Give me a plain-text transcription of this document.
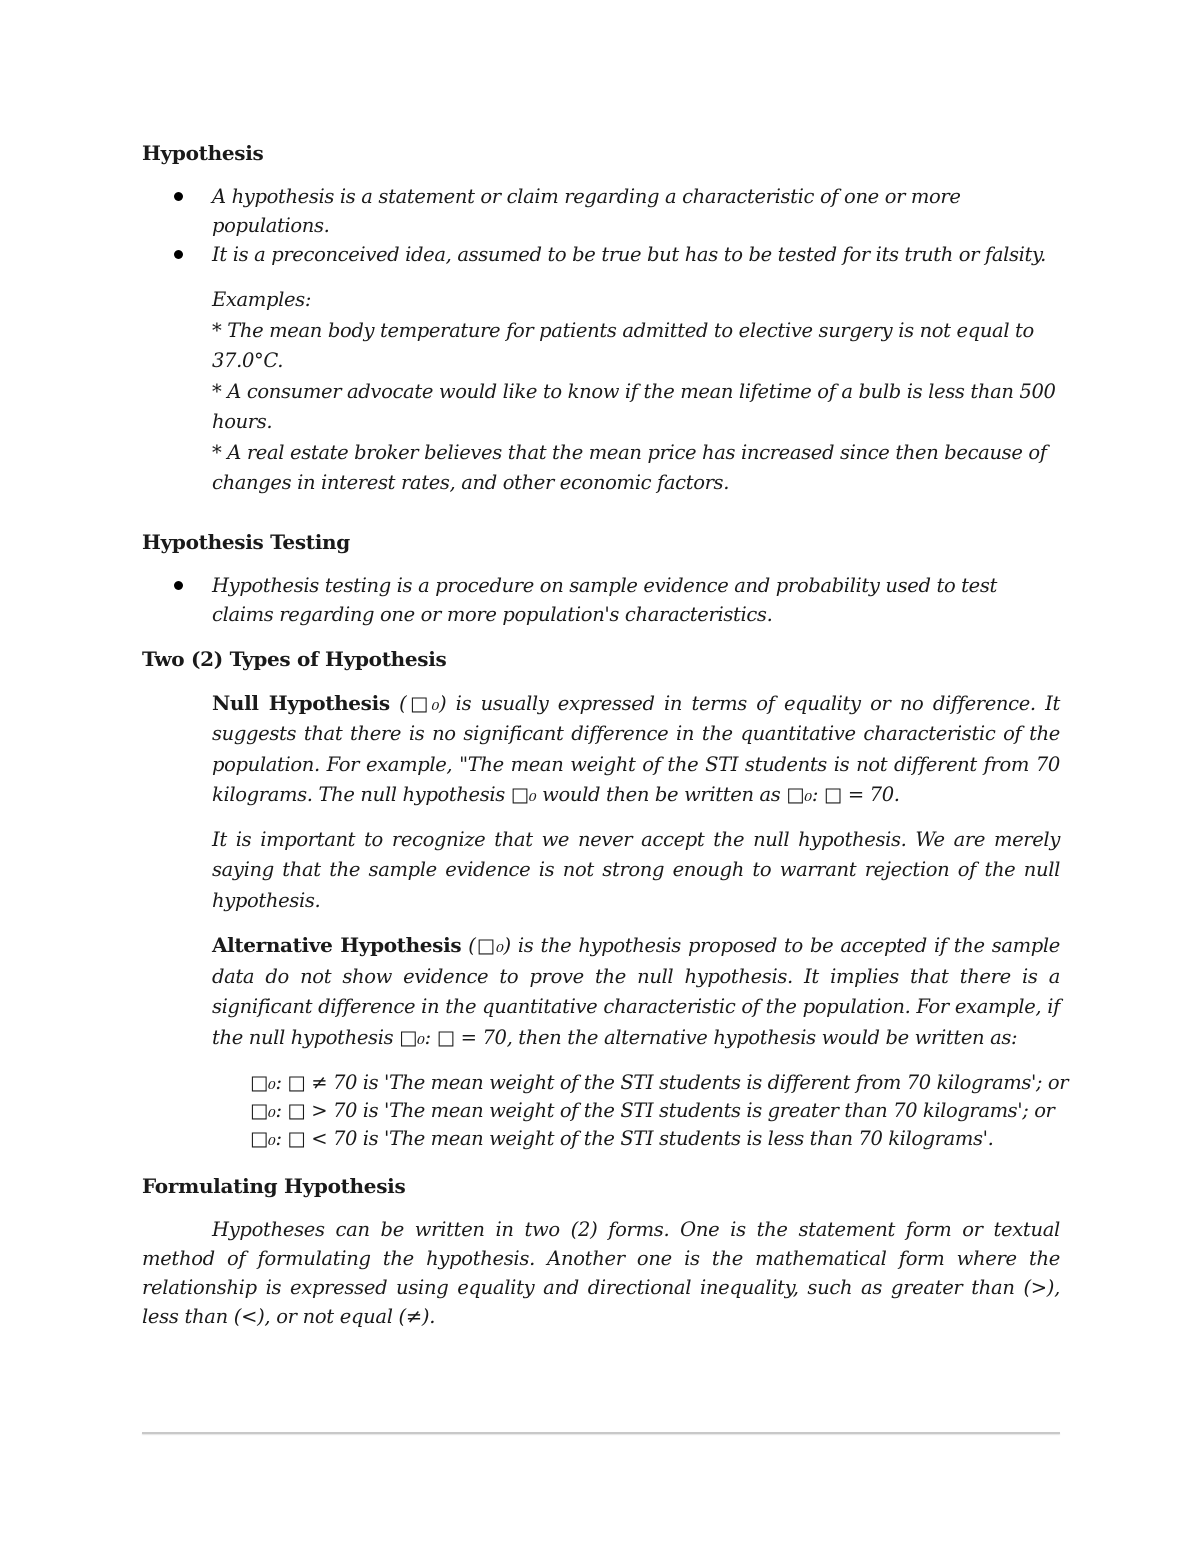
Hypothesis
A hypothesis is a statement or claim regarding a characteristic of one or more populations.
It is a preconceived idea, assumed to be true but has to be tested for its truth or falsity.
Examples:
* The mean body temperature for patients admitted to elective surgery is not equal to 37.0°C.
* A consumer advocate would like to know if the mean lifetime of a bulb is less than 500 hours.
* A real estate broker believes that the mean price has increased since then because of changes in interest rates, and other economic factors.
Hypothesis Testing
Hypothesis testing is a procedure on sample evidence and probability used to test claims regarding one or more population's characteristics.
Two (2) Types of Hypothesis

Null Hypothesis (□₀) is usually expressed in terms of equality or no difference. It suggests that there is no significant difference in the quantitative characteristic of the population. For example, "The mean weight of the STI students is not different from 70 kilograms. The null hypothesis □₀ would then be written as □₀: □ = 70.

It is important to recognize that we never accept the null hypothesis. We are merely saying that the sample evidence is not strong enough to warrant rejection of the null hypothesis.

Alternative Hypothesis (□₀) is the hypothesis proposed to be accepted if the sample data do not show evidence to prove the null hypothesis. It implies that there is a significant difference in the quantitative characteristic of the population. For example, if the null hypothesis □₀: □ = 70, then the alternative hypothesis would be written as:

□₀: □ ≠ 70 is 'The mean weight of the STI students is different from 70 kilograms'; or
□₀: □ > 70 is 'The mean weight of the STI students is greater than 70 kilograms'; or
□₀: □ < 70 is 'The mean weight of the STI students is less than 70 kilograms'.
Formulating Hypothesis

Hypotheses can be written in two (2) forms. One is the statement form or textual method of formulating the hypothesis. Another one is the mathematical form where the relationship is expressed using equality and directional inequality, such as greater than (>), less than (<), or not equal (≠).
